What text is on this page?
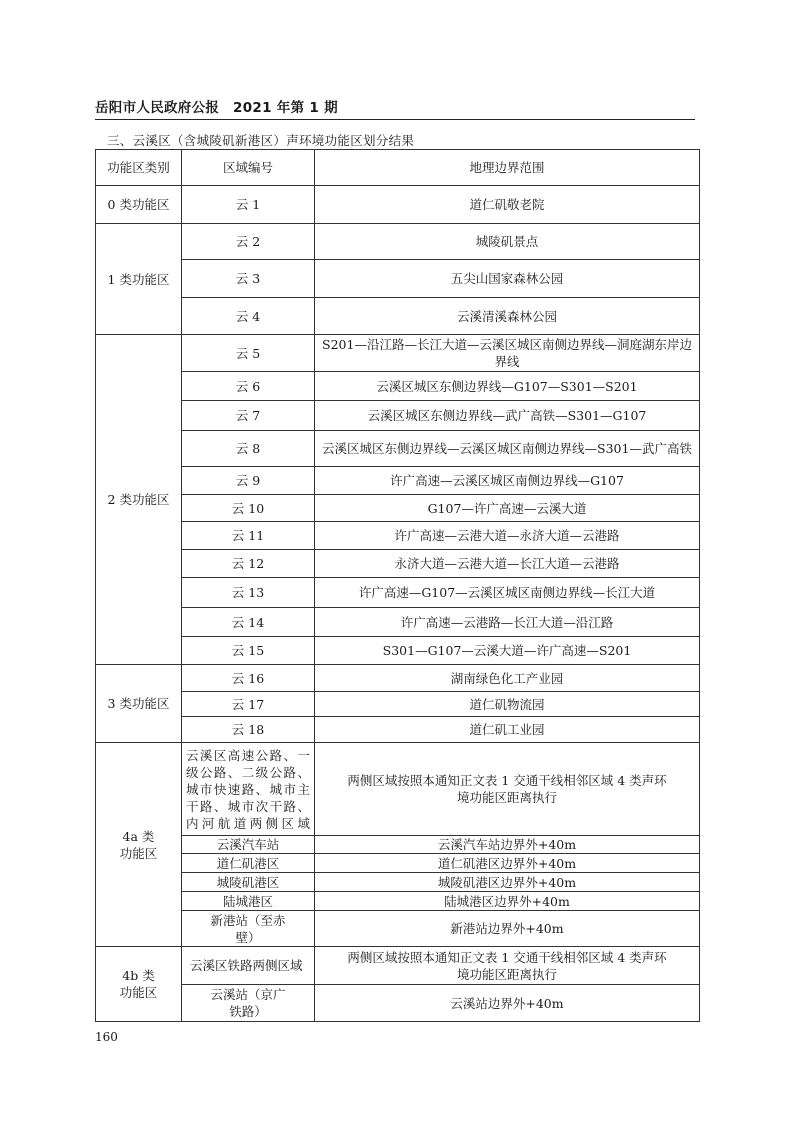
岳阳市人民政府公报　2021 年第 1 期
三、云溪区（含城陵矶新港区）声环境功能区划分结果
功能区类别	区域编号	地理边界范围
0 类功能区	云 1	道仁矶敬老院
1 类功能区	云 2	城陵矶景点
	云 3	五尖山国家森林公园
	云 4	云溪清溪森林公园
2 类功能区	云 5	S201—沿江路—长江大道—云溪区城区南侧边界线—洞庭湖东岸边界线
	云 6	云溪区城区东侧边界线—G107—S301—S201
	云 7	云溪区城区东侧边界线—武广高铁—S301—G107
	云 8	云溪区城区东侧边界线—云溪区城区南侧边界线—S301—武广高铁
	云 9	许广高速—云溪区城区南侧边界线—G107
	云 10	G107—许广高速—云溪大道
	云 11	许广高速—云港大道—永济大道—云港路
	云 12	永济大道—云港大道—长江大道—云港路
	云 13	许广高速—G107—云溪区城区南侧边界线—长江大道
	云 14	许广高速—云港路—长江大道—沿江路
	云 15	S301—G107—云溪大道—许广高速—S201
3 类功能区	云 16	湖南绿色化工产业园
	云 17	道仁矶物流园
	云 18	道仁矶工业园
4a 类功能区	云溪区高速公路、一级公路、二级公路、城市快速路、城市主干路、城市次干路、内河航道两侧区域	两侧区域按照本通知正文表 1 交通干线相邻区域 4 类声环境功能区距离执行
	云溪汽车站	云溪汽车站边界外+40m
	道仁矶港区	道仁矶港区边界外+40m
	城陵矶港区	城陵矶港区边界外+40m
	陆城港区	陆城港区边界外+40m
	新港站（至赤壁）	新港站边界外+40m
4b 类功能区	云溪区铁路两侧区域	两侧区域按照本通知正文表 1 交通干线相邻区域 4 类声环境功能区距离执行
	云溪站（京广铁路）	云溪站边界外+40m
160
